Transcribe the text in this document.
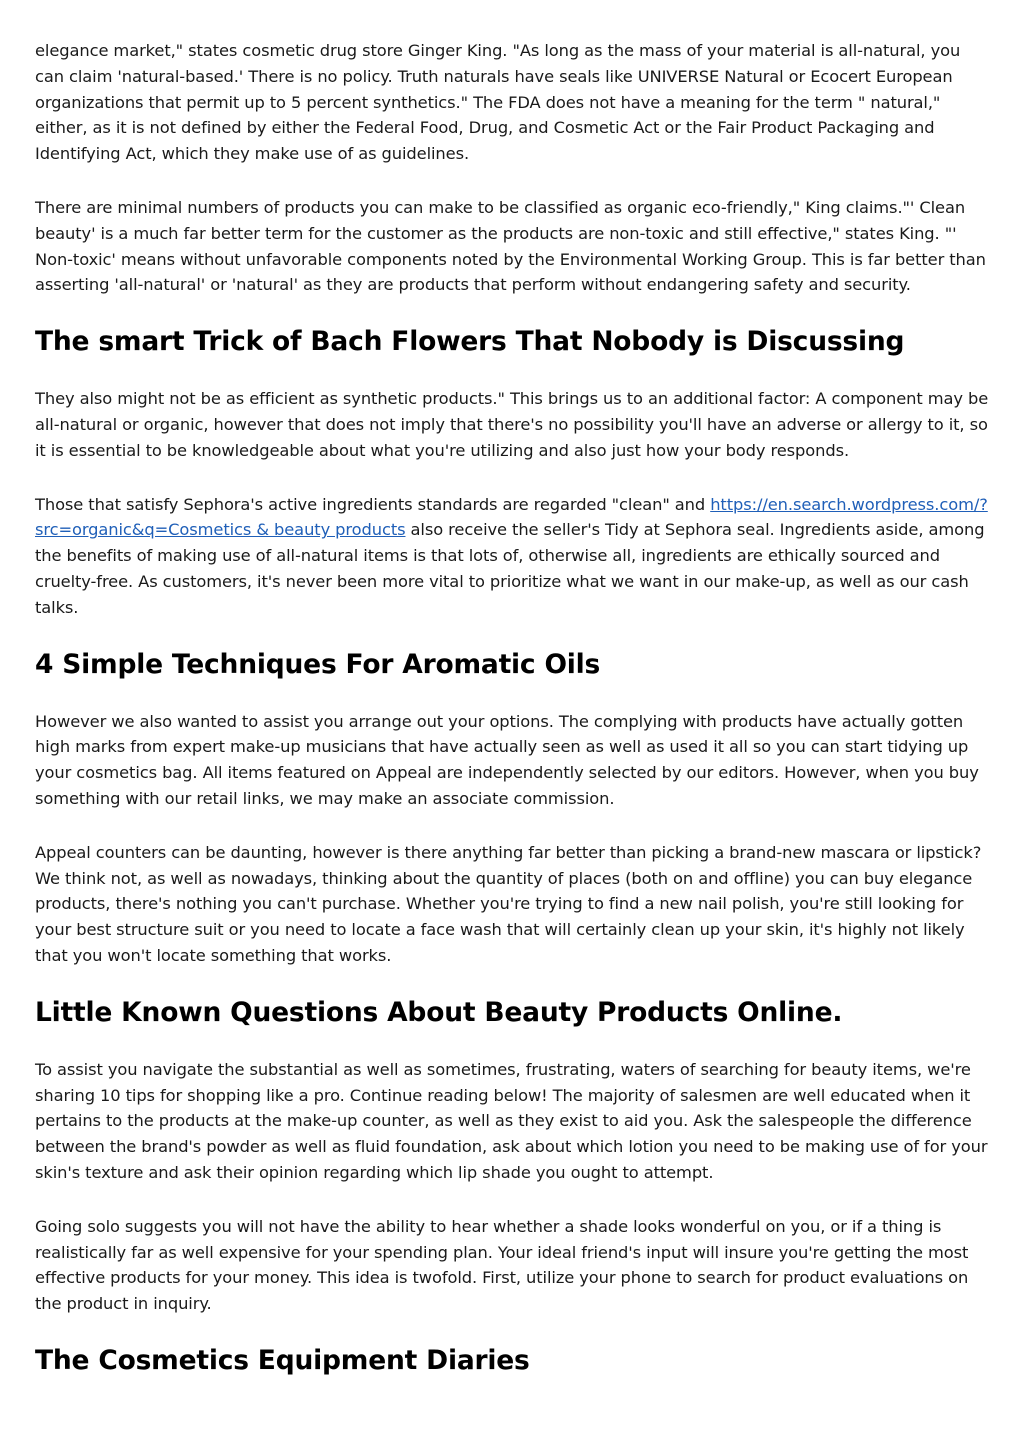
elegance market," states cosmetic drug store Ginger King. "As long as the mass of your material is all-natural, you can claim 'natural-based.' There is no policy. Truth naturals have seals like UNIVERSE Natural or Ecocert European organizations that permit up to 5 percent synthetics." The FDA does not have a meaning for the term " natural," either, as it is not defined by either the Federal Food, Drug, and Cosmetic Act or the Fair Product Packaging and Identifying Act, which they make use of as guidelines.

There are minimal numbers of products you can make to be classified as organic eco-friendly," King claims."' Clean beauty' is a much far better term for the customer as the products are non-toxic and still effective," states King. "' Non-toxic' means without unfavorable components noted by the Environmental Working Group. This is far better than asserting 'all-natural' or 'natural' as they are products that perform without endangering safety and security.

The smart Trick of Bach Flowers That Nobody is Discussing

They also might not be as efficient as synthetic products." This brings us to an additional factor: A component may be all-natural or organic, however that does not imply that there's no possibility you'll have an adverse or allergy to it, so it is essential to be knowledgeable about what you're utilizing and also just how your body responds.

Those that satisfy Sephora's active ingredients standards are regarded "clean" and https://en.search.wordpress.com/?src=organic&q=Cosmetics & beauty products also receive the seller's Tidy at Sephora seal. Ingredients aside, among the benefits of making use of all-natural items is that lots of, otherwise all, ingredients are ethically sourced and cruelty-free. As customers, it's never been more vital to prioritize what we want in our make-up, as well as our cash talks.

4 Simple Techniques For Aromatic Oils

However we also wanted to assist you arrange out your options. The complying with products have actually gotten high marks from expert make-up musicians that have actually seen as well as used it all so you can start tidying up your cosmetics bag. All items featured on Appeal are independently selected by our editors. However, when you buy something with our retail links, we may make an associate commission.

Appeal counters can be daunting, however is there anything far better than picking a brand-new mascara or lipstick? We think not, as well as nowadays, thinking about the quantity of places (both on and offline) you can buy elegance products, there's nothing you can't purchase. Whether you're trying to find a new nail polish, you're still looking for your best structure suit or you need to locate a face wash that will certainly clean up your skin, it's highly not likely that you won't locate something that works.

Little Known Questions About Beauty Products Online.

To assist you navigate the substantial as well as sometimes, frustrating, waters of searching for beauty items, we're sharing 10 tips for shopping like a pro. Continue reading below! The majority of salesmen are well educated when it pertains to the products at the make-up counter, as well as they exist to aid you. Ask the salespeople the difference between the brand's powder as well as fluid foundation, ask about which lotion you need to be making use of for your skin's texture and ask their opinion regarding which lip shade you ought to attempt.

Going solo suggests you will not have the ability to hear whether a shade looks wonderful on you, or if a thing is realistically far as well expensive for your spending plan. Your ideal friend's input will insure you're getting the most effective products for your money. This idea is twofold. First, utilize your phone to search for product evaluations on the product in inquiry.

The Cosmetics Equipment Diaries
